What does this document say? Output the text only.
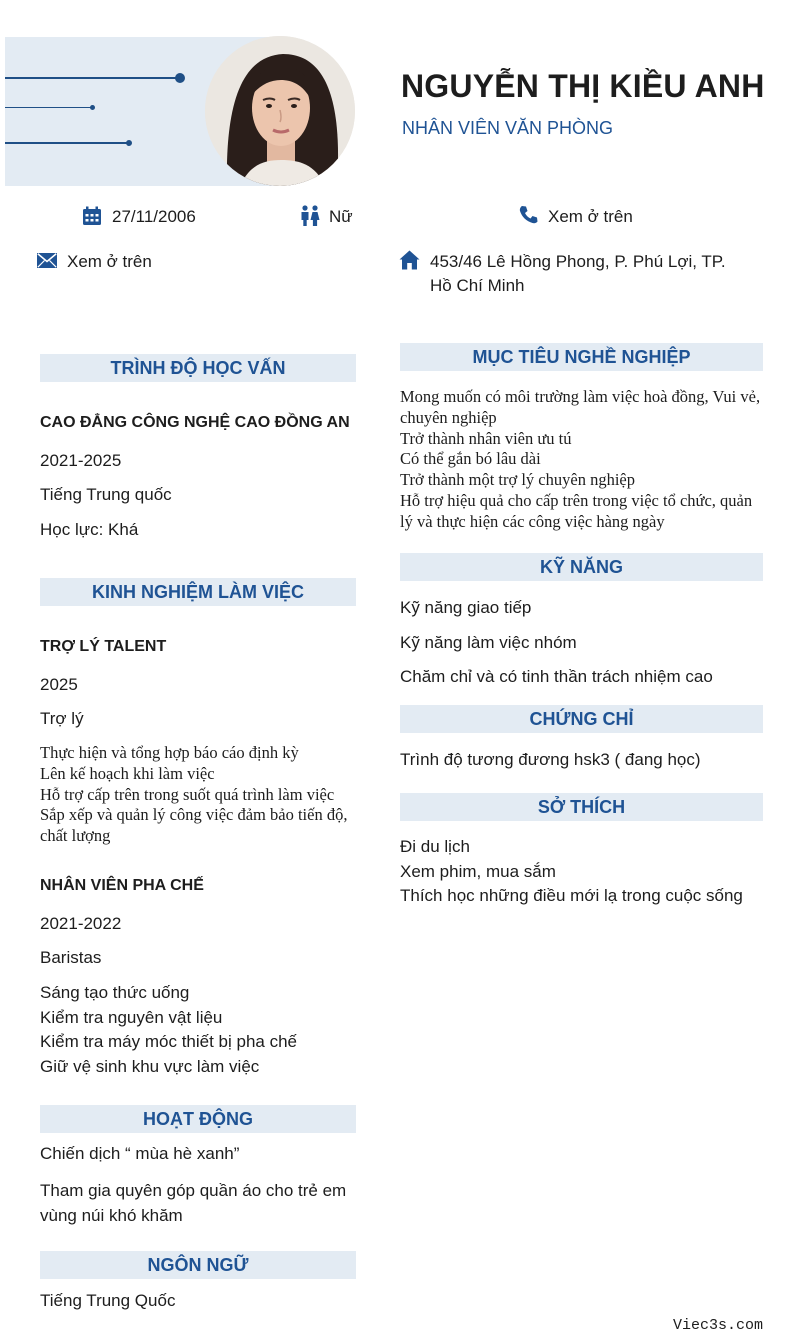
NGUYỄN THỊ KIỀU ANH
NHÂN VIÊN VĂN PHÒNG
27/11/2006	Nữ	Xem ở trên
Xem ở trên	453/46 Lê Hồng Phong, P. Phú Lợi, TP.
Hồ Chí Minh
TRÌNH ĐỘ HỌC VẤN
CAO ĐẲNG CÔNG NGHỆ CAO ĐỒNG AN
2021-2025
Tiếng Trung quốc
Học lực: Khá
KINH NGHIỆM LÀM VIỆC
TRỢ LÝ TALENT
2025
Trợ lý
Thực hiện và tổng hợp báo cáo định kỳ
Lên kế hoạch khi làm việc
Hỗ trợ cấp trên trong suốt quá trình làm việc
Sắp xếp và quản lý công việc đảm bảo tiến độ, chất lượng
NHÂN VIÊN PHA CHẾ
2021-2022
Baristas
Sáng tạo thức uống
Kiểm tra nguyên vật liệu
Kiểm tra máy móc thiết bị pha chế
Giữ vệ sinh khu vực làm việc
HOẠT ĐỘNG
Chiến dịch “ mùa hè xanh”
Tham gia quyên góp quần áo cho trẻ em vùng núi khó khăm
NGÔN NGỮ
Tiếng Trung Quốc
MỤC TIÊU NGHỀ NGHIỆP
Mong muốn có môi trường làm việc hoà đồng, Vui vẻ, chuyên nghiệp
Trở thành nhân viên ưu tú
Có thể gắn bó lâu dài
Trở thành một trợ lý chuyên nghiệp
Hỗ trợ hiệu quả cho cấp trên trong việc tổ chức, quản lý và thực hiện các công việc hàng ngày
KỸ NĂNG
Kỹ năng giao tiếp
Kỹ năng làm việc nhóm
Chăm chỉ và có tinh thần trách nhiệm cao
CHỨNG CHỈ
Trình độ tương đương hsk3 ( đang học)
SỞ THÍCH
Đi du lịch
Xem phim, mua sắm
Thích học những điều mới lạ trong cuộc sống
Viec3s.com
